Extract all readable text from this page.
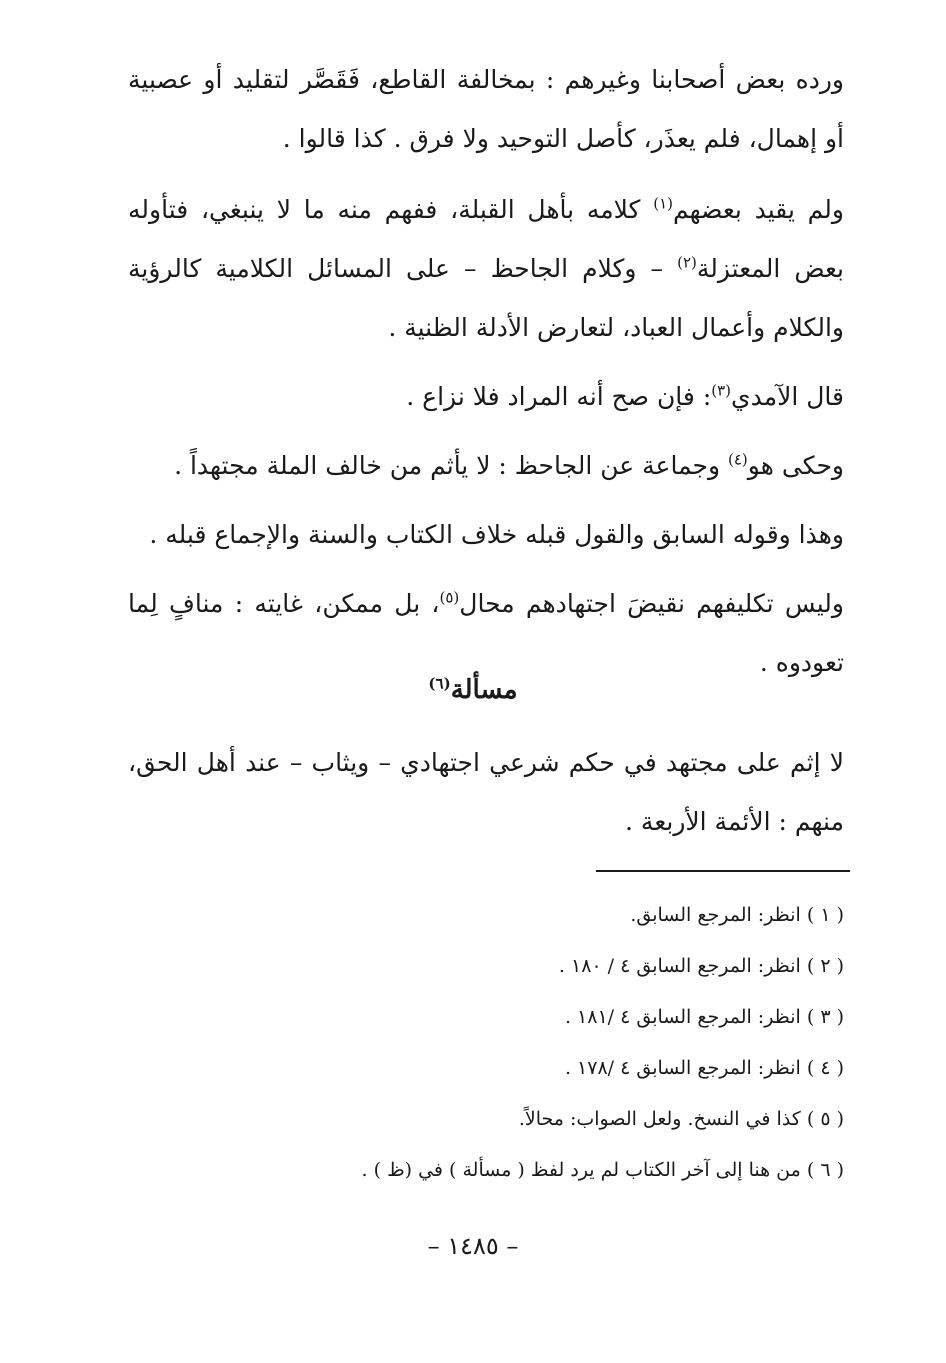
ورده بعض أصحابنا وغيرهم : بمخالفة القاطع، فَقَصَّر لتقليد أو عصبية أو إهمال، فلم يعذَر، كأصل التوحيد ولا فرق . كذا قالوا .

ولم يقيد بعضهم$^{(١)}$ كلامه بأهل القبلة، ففهم منه ما لا ينبغي، فتأوله بعض المعتزلة$^{(٢)}$ – وكلام الجاحظ – على المسائل الكلامية كالرؤية والكلام وأعمال العباد، لتعارض الأدلة الظنية .

قال الآمدي$^{(٣)}$: فإن صح أنه المراد فلا نزاع .

وحكى هو$^{(٤)}$ وجماعة عن الجاحظ : لا يأثم من خالف الملة مجتهداً .

وهذا وقوله السابق والقول قبله خلاف الكتاب والسنة والإجماع قبله .

وليس تكليفهم نقيضَ اجتهادهم محال$^{(٥)}$، بل ممكن، غايته : منافٍ لِما تعودوه .

مسألة$^{(٦)}$

لا إثم على مجتهد في حكم شرعي اجتهادي – ويثاب – عند أهل الحق، منهم : الأئمة الأربعة .

( ١ ) انظر: المرجع السابق.

( ٢ ) انظر: المرجع السابق ٤ / ١٨٠ .

( ٣ ) انظر: المرجع السابق ٤ /١٨١ .

( ٤ ) انظر: المرجع السابق ٤ /١٧٨ .

( ٥ ) كذا في النسخ. ولعل الصواب: محالاً.

( ٦ ) من هنا إلى آخر الكتاب لم يرد لفظ ( مسألة ) في (ظ ) .

– ١٤٨٥ –
